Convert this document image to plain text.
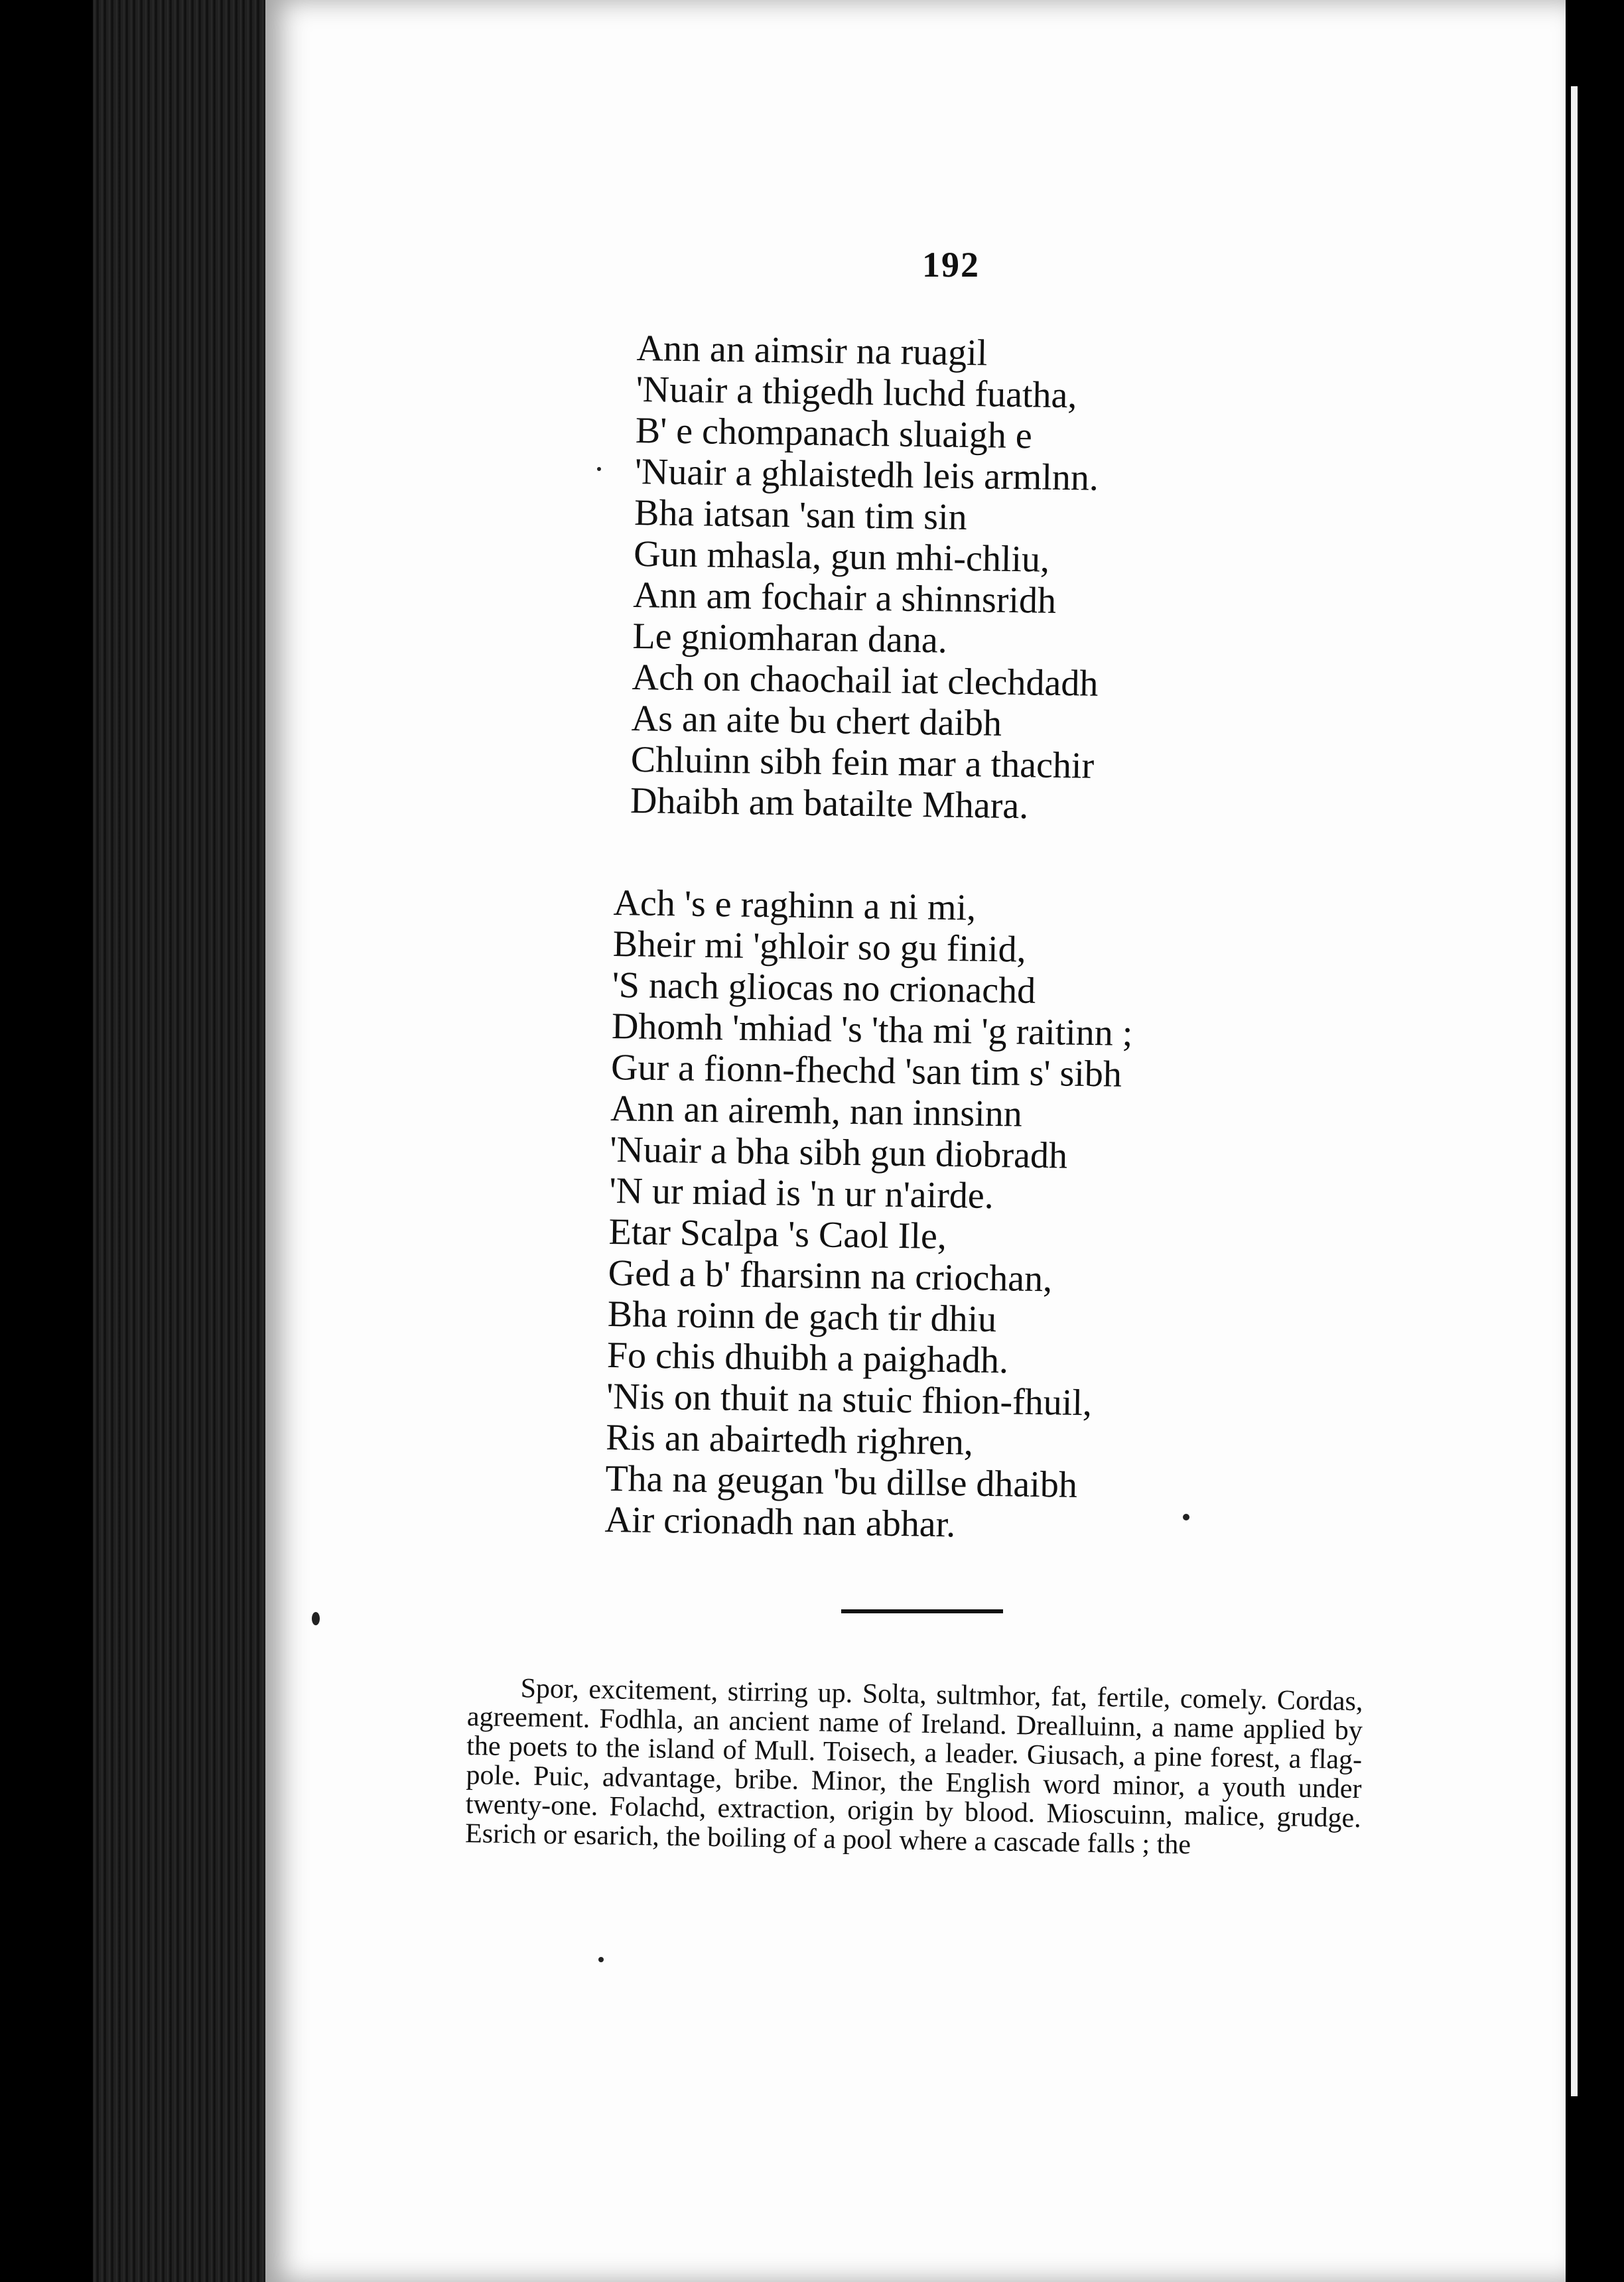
192
Ann an aimsir na ruagil
'Nuair a thigedh luchd fuatha,
B' e chompanach sluaigh e
'Nuair a ghlaistedh leis armlnn.
Bha iatsan 'san tim sin
Gun mhasla, gun mhi-chliu,
Ann am fochair a shinnsridh
Le gniomharan dana.
Ach on chaochail iat clechdadh
As an aite bu chert daibh
Chluinn sibh fein mar a thachir
Dhaibh am batailte Mhara.
Ach 's e raghinn a ni mi,
Bheir mi 'ghloir so gu finid,
'S nach gliocas no crionachd
Dhomh 'mhiad 's 'tha mi 'g raitinn ;
Gur a fionn-fhechd 'san tim s' sibh
Ann an airemh, nan innsinn
'Nuair a bha sibh gun diobradh
'N ur miad is 'n ur n'airde.
Etar Scalpa 's Caol Ile,
Ged a b' fharsinn na criochan,
Bha roinn de gach tir dhiu
Fo chis dhuibh a paighadh.
'Nis on thuit na stuic fhion-fhuil,
Ris an abairtedh righren,
Tha na geugan 'bu dillse dhaibh
Air crionadh nan abhar.

Spor, excitement, stirring up. Solta, sultmhor, fat, fertile, comely. Cordas, agreement. Fodhla, an ancient name of Ireland. Drealluinn, a name applied by the poets to the island of Mull. Toisech, a leader. Giusach, a pine forest, a flag-pole. Puic, advantage, bribe. Minor, the English word minor, a youth under twenty-one. Folachd, extraction, origin by blood. Mioscuinn, malice, grudge. Esrich or esarich, the boiling of a pool where a cascade falls ; the
